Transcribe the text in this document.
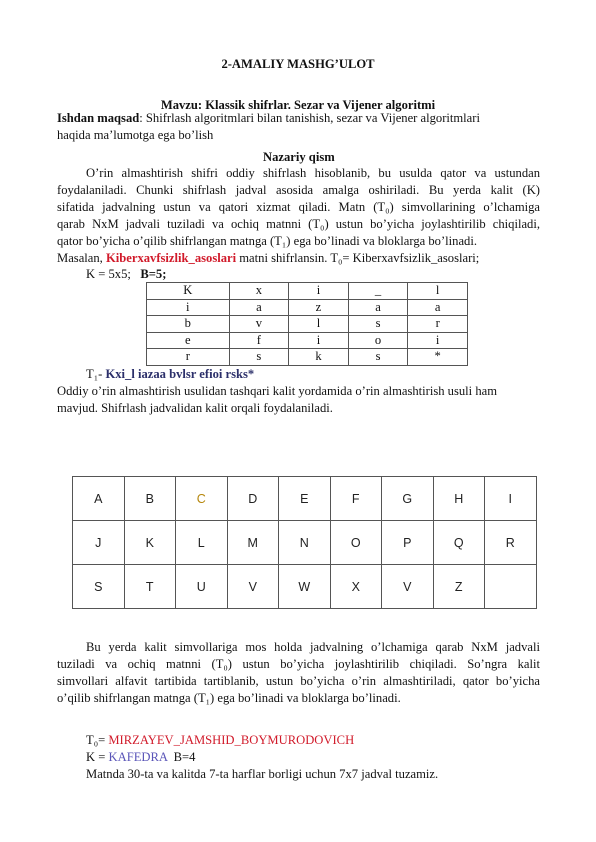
2-AMALIY MASHG’ULOT
Mavzu: Klassik shifrlar. Sezar va Vijener algoritmi
Ishdan maqsad: Shifrlash algoritmlari bilan tanishish, sezar va Vijener algoritmlari
haqida ma’lumotga ega bo’lish
Nazariy qism
O’rin almashtirish shifri oddiy shifrlash hisoblanib, bu usulda qator va ustundan
foydalaniladi. Chunki shifrlash jadval asosida amalga oshiriladi. Bu yerda kalit (K)
sifatida jadvalning ustun va qatori xizmat qiladi. Matn (T₀) simvollarining o’lchamiga
qarab NxM jadvali tuziladi va ochiq matnni (T₀) ustun bo’yicha joylashtirilib chiqiladi,
qator bo’yicha o’qilib shifrlangan matnga (T₁) ega bo’linadi va bloklarga bo’linadi.
Masalan, Kiberxavfsizlik_asoslari matni shifrlansin. T₀= Kiberxavfsizlik_asoslari;
K = 5x5; B=5;
K	x	i	_	l
i	a	z	a	a
b	v	l	s	r
e	f	i	o	i
r	s	k	s	*
T₁- Kxi_l iazaa bvlsr efioi rsks*
Oddiy o’rin almashtirish usulidan tashqari kalit yordamida o’rin almashtirish usuli ham
mavjud. Shifrlash jadvalidan kalit orqali foydalaniladi.
A	B	C	D	E	F	G	H	I
J	K	L	M	N	O	P	Q	R
S	T	U	V	W	X	V	Z	
Bu yerda kalit simvollariga mos holda jadvalning o’lchamiga qarab NxM jadvali
tuziladi va ochiq matnni (T₀) ustun bo’yicha joylashtirilib chiqiladi. So’ngra kalit
simvollari alfavit tartibida tartiblanib, ustun bo’yicha o’rin almashtiriladi, qator bo’yicha
o’qilib shifrlangan matnga (T₁) ega bo’linadi va bloklarga bo’linadi.
T₀= MIRZAYEV_JAMSHID_BOYMURODOVICH
K = KAFEDRA  B=4
Matnda 30-ta va kalitda 7-ta harflar borligi uchun 7x7 jadval tuzamiz.
